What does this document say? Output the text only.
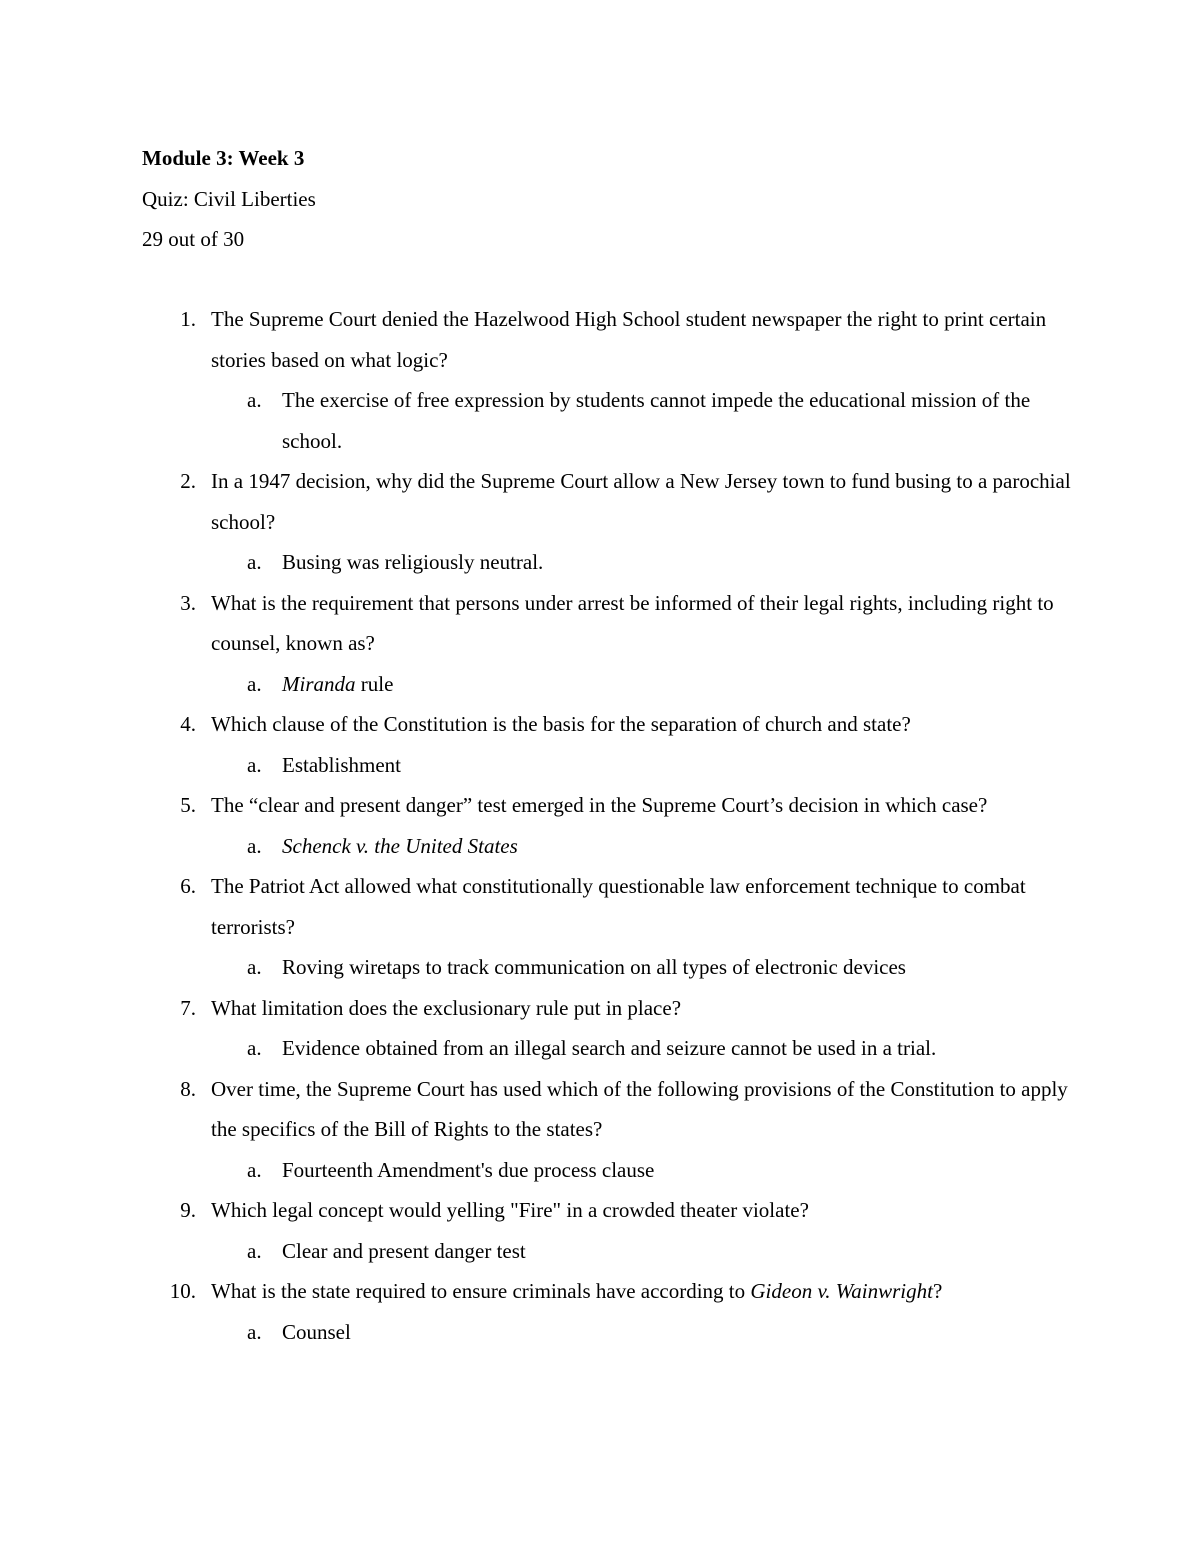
Module 3: Week 3
Quiz: Civil Liberties
29 out of 30
1. The Supreme Court denied the Hazelwood High School student newspaper the right to print certain stories based on what logic?
a. The exercise of free expression by students cannot impede the educational mission of the school.
2. In a 1947 decision, why did the Supreme Court allow a New Jersey town to fund busing to a parochial school?
a. Busing was religiously neutral.
3. What is the requirement that persons under arrest be informed of their legal rights, including right to counsel, known as?
a. Miranda rule
4. Which clause of the Constitution is the basis for the separation of church and state?
a. Establishment
5. The “clear and present danger” test emerged in the Supreme Court’s decision in which case?
a. Schenck v. the United States
6. The Patriot Act allowed what constitutionally questionable law enforcement technique to combat terrorists?
a. Roving wiretaps to track communication on all types of electronic devices
7. What limitation does the exclusionary rule put in place?
a. Evidence obtained from an illegal search and seizure cannot be used in a trial.
8. Over time, the Supreme Court has used which of the following provisions of the Constitution to apply the specifics of the Bill of Rights to the states?
a. Fourteenth Amendment's due process clause
9. Which legal concept would yelling "Fire" in a crowded theater violate?
a. Clear and present danger test
10. What is the state required to ensure criminals have according to Gideon v. Wainwright?
a. Counsel
